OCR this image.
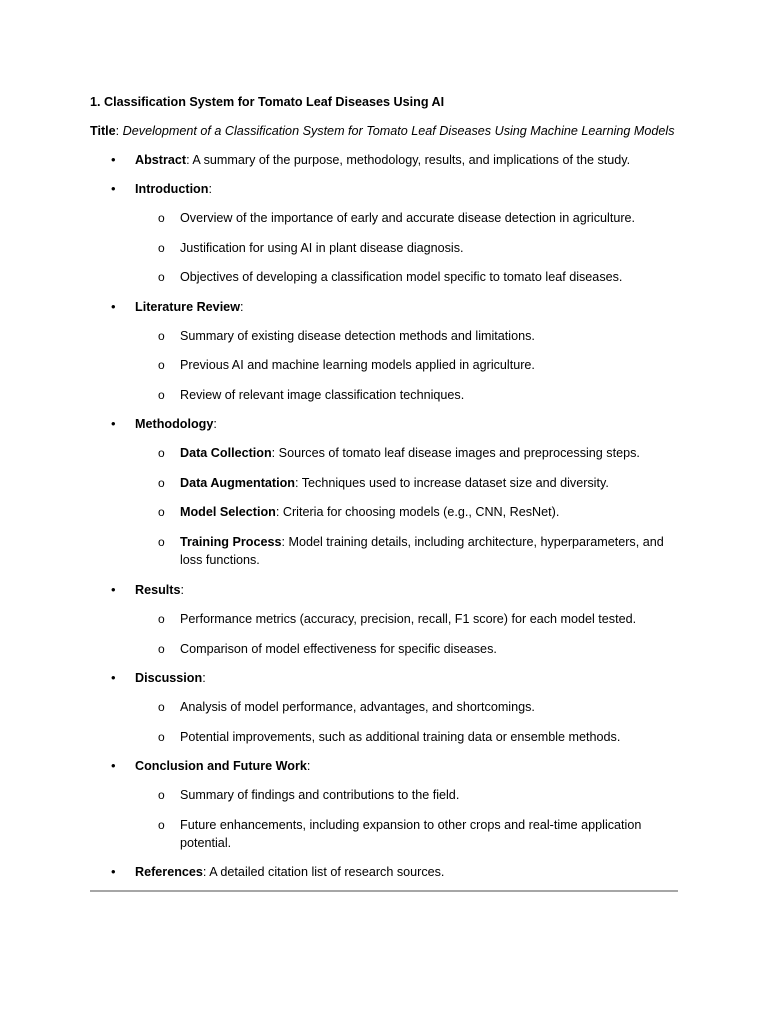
1. Classification System for Tomato Leaf Diseases Using AI
Title: Development of a Classification System for Tomato Leaf Diseases Using Machine Learning Models
•	Abstract: A summary of the purpose, methodology, results, and implications of the study.
•	Introduction:
o Overview of the importance of early and accurate disease detection in agriculture.
o Justification for using AI in plant disease diagnosis.
o Objectives of developing a classification model specific to tomato leaf diseases.
•	Literature Review:
o Summary of existing disease detection methods and limitations.
o Previous AI and machine learning models applied in agriculture.
o Review of relevant image classification techniques.
•	Methodology:
o Data Collection: Sources of tomato leaf disease images and preprocessing steps.
o Data Augmentation: Techniques used to increase dataset size and diversity.
o Model Selection: Criteria for choosing models (e.g., CNN, ResNet).
o Training Process: Model training details, including architecture, hyperparameters, and loss functions.
•	Results:
o Performance metrics (accuracy, precision, recall, F1 score) for each model tested.
o Comparison of model effectiveness for specific diseases.
•	Discussion:
o Analysis of model performance, advantages, and shortcomings.
o Potential improvements, such as additional training data or ensemble methods.
•	Conclusion and Future Work:
o Summary of findings and contributions to the field.
o Future enhancements, including expansion to other crops and real-time application potential.
•	References: A detailed citation list of research sources.
